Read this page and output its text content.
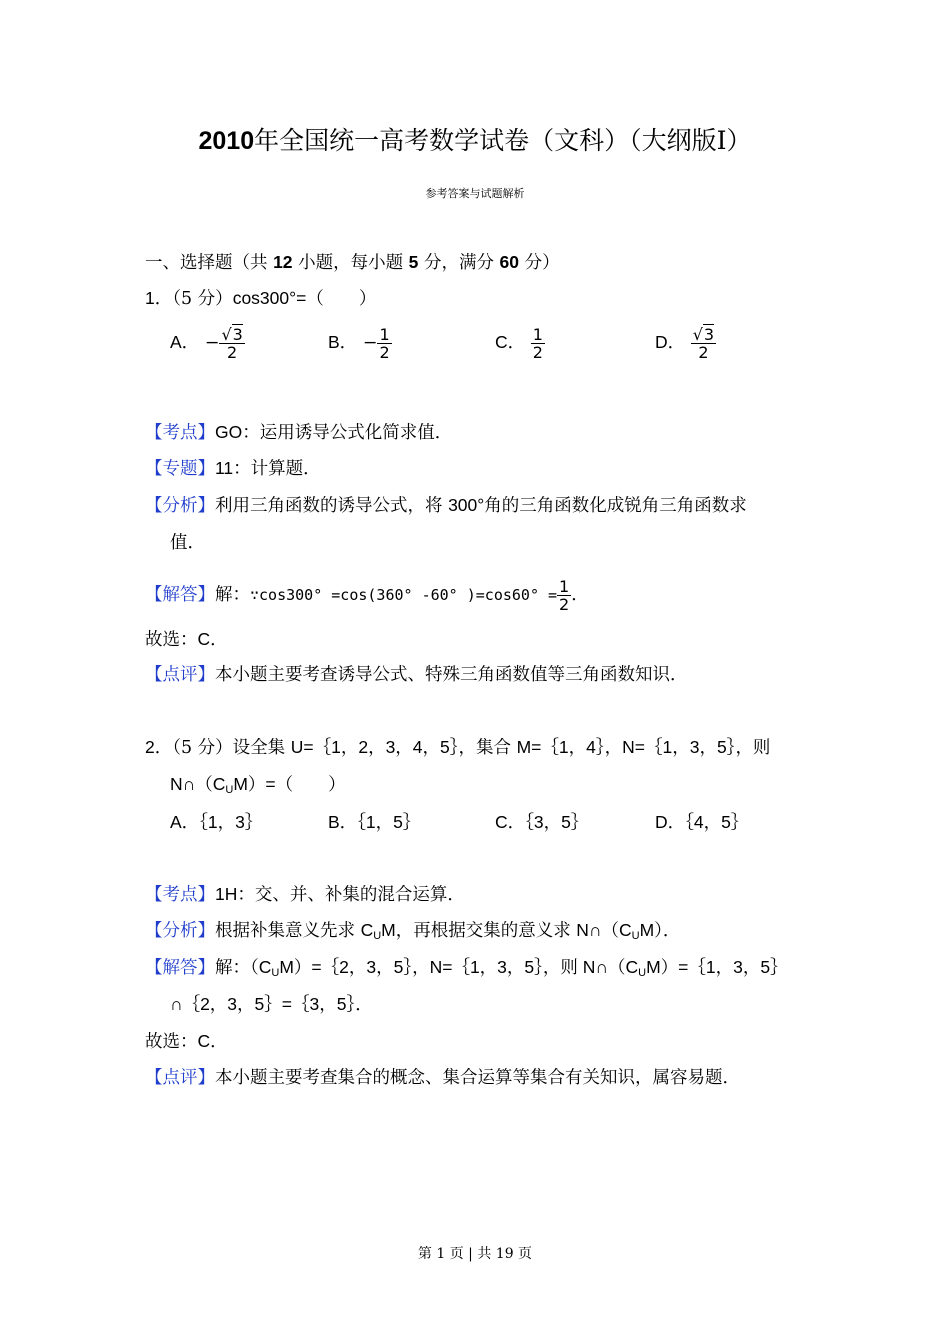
2010年全国统一高考数学试卷（文科）（大纲版Ⅰ）
参考答案与试题解析
一、选择题（共 12 小题，每小题 5 分，满分 60 分）
1．（5 分）cos300°=（　　）
A． − $\frac{√3}{2}$	B． − $\frac{1}{2}$	C． $\frac{1}{2}$	D． $\frac{√3}{2}$
【考点】GO：运用诱导公式化简求值．
【专题】11：计算题．
【分析】利用三角函数的诱导公式，将 300°角的三角函数化成锐角三角函数求
值．
【解答】解：∵cos300° =cos(360° -60° )$=\cos 60^\circ = \frac{1}{2}$ ．
故选：C．
【点评】本小题主要考查诱导公式、特殊三角函数值等三角函数知识．
2．（5 分）设全集 U=｛1，2，3，4，5｝，集合 M=｛1，4｝，N=｛1，3，5｝，则
$N\cap(C_UM)=$（　　）
A．｛1，3｝	B．｛1，5｝	C．｛3，5｝	D．｛4，5｝
【考点】1H：交、并、补集的混合运算．
【分析】根据补集意义先求 $C_UM$，再根据交集的意义求 $N\cap(C_UM)$．
【解答】解：$(C_UM)=\{2$，3，5｝，N=｛1，3，5｝，则 $N\cap(C_UM)=\{1$，3，5｝
∩｛2，3，5｝=｛3，5｝．
故选：C．
【点评】本小题主要考查集合的概念、集合运算等集合有关知识，属容易题．
第 1 页 | 共 19 页
